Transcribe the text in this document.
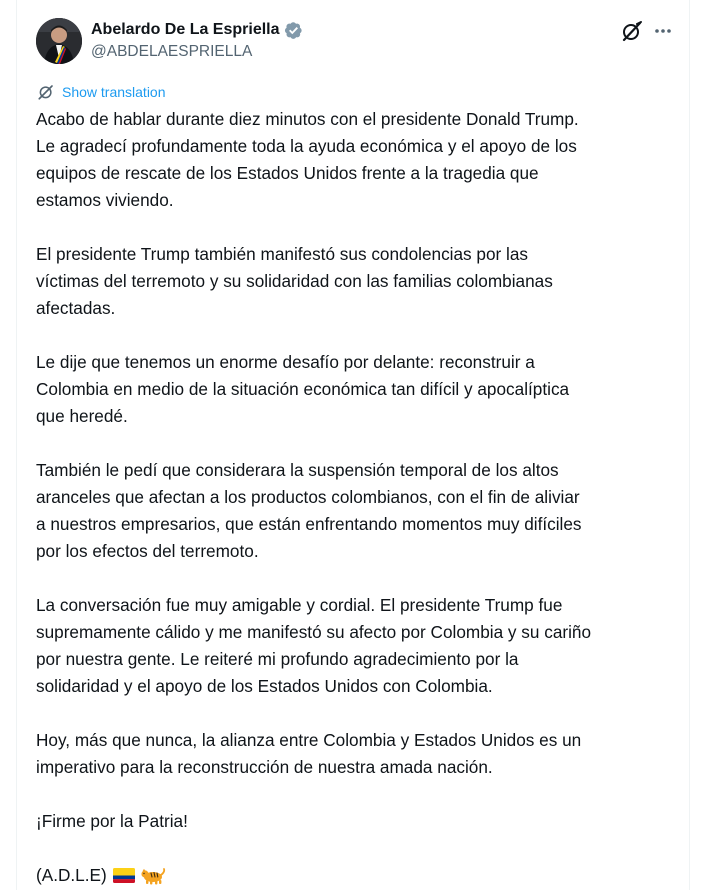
Abelardo De La Espriella
@ABDELAESPRIELLA
Show translation

Acabo de hablar durante diez minutos con el presidente Donald Trump.
Le agradecí profundamente toda la ayuda económica y el apoyo de los
equipos de rescate de los Estados Unidos frente a la tragedia que
estamos viviendo.

El presidente Trump también manifestó sus condolencias por las
víctimas del terremoto y su solidaridad con las familias colombianas
afectadas.

Le dije que tenemos un enorme desafío por delante: reconstruir a
Colombia en medio de la situación económica tan difícil y apocalíptica
que heredé.

También le pedí que considerara la suspensión temporal de los altos
aranceles que afectan a los productos colombianos, con el fin de aliviar
a nuestros empresarios, que están enfrentando momentos muy difíciles
por los efectos del terremoto.

La conversación fue muy amigable y cordial. El presidente Trump fue
supremamente cálido y me manifestó su afecto por Colombia y su cariño
por nuestra gente. Le reiteré mi profundo agradecimiento por la
solidaridad y el apoyo de los Estados Unidos con Colombia.

Hoy, más que nunca, la alianza entre Colombia y Estados Unidos es un
imperativo para la reconstrucción de nuestra amada nación.

¡Firme por la Patria!

(A.D.L.E)
